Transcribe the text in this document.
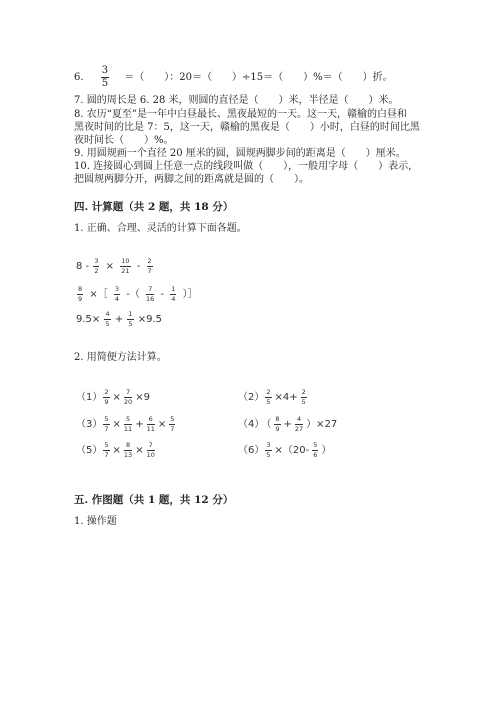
6. $\frac{3}{5}$ ＝（　　）：20＝（　　）÷15＝（　　）%＝（　　）折。
7. 圆的周长是 6. 28 米，则圆的直径是（　　）米，半径是（　　）米。
8. 农历“夏至”是一年中白昼最长、黑夜最短的一天。这一天，赣榆的白昼和
黑夜时间的比是 7：5，这一天，赣榆的黑夜是（　　）小时，白昼的时间比黑
夜时间长（　　）%。
9. 用圆规画一个直径 20 厘米的圆，圆规两脚步间的距离是（　　）厘米。
10. 连接圆心到圆上任意一点的线段叫做（　　），一般用字母（　　）表示，
把圆规两脚分开，两脚之间的距离就是圆的（　　）。
四. 计算题（共 2 题，共 18 分）
1. 正确、合理、灵活的计算下面各题。
$8 - \frac{3}{2} \times \frac{10}{21} - \frac{2}{7}$
$\frac{8}{9}$ ×［ $\frac{3}{4}$ -（ $\frac{7}{16} - \frac{1}{4}$ ）］
$9.5\times \frac{4}{5} + \frac{1}{5} \times 9.5$
2. 用简便方法计算。
五. 作图题（共 1 题，共 12 分）
1. 操作题
$(1) \frac{2}{9} \times \frac{7}{20} \times 9$
$(3) \frac{5}{7} \times \frac{5}{11} + \frac{6}{11} \times \frac{5}{7}$
$(5) \frac{5}{7} \times \frac{8}{13} \times \frac{7}{10}$
$(2) \frac{2}{5} \times 4+ \frac{2}{5}$
（4） （ $\frac{8}{9} + \frac{4}{27} )\times 27$
$(6) \frac{3}{5} \times(20- \frac{5}{6}$ ）
